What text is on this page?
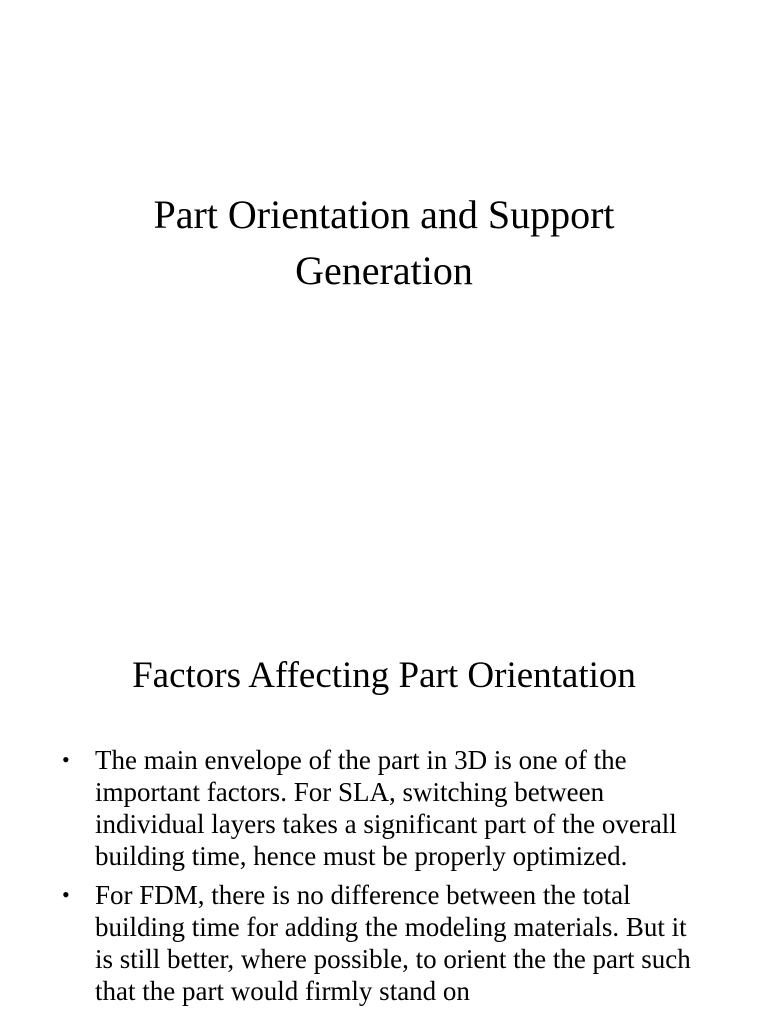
Part Orientation and Support
Generation
Factors Affecting Part Orientation
• The main envelope of the part in 3D is one of the important factors. For SLA, switching between individual layers takes a significant part of the overall building time, hence must be properly optimized.
• For FDM, there is no difference between the total building time for adding the modeling materials. But it is still better, where possible, to orient the the part such that the part would firmly stand on
